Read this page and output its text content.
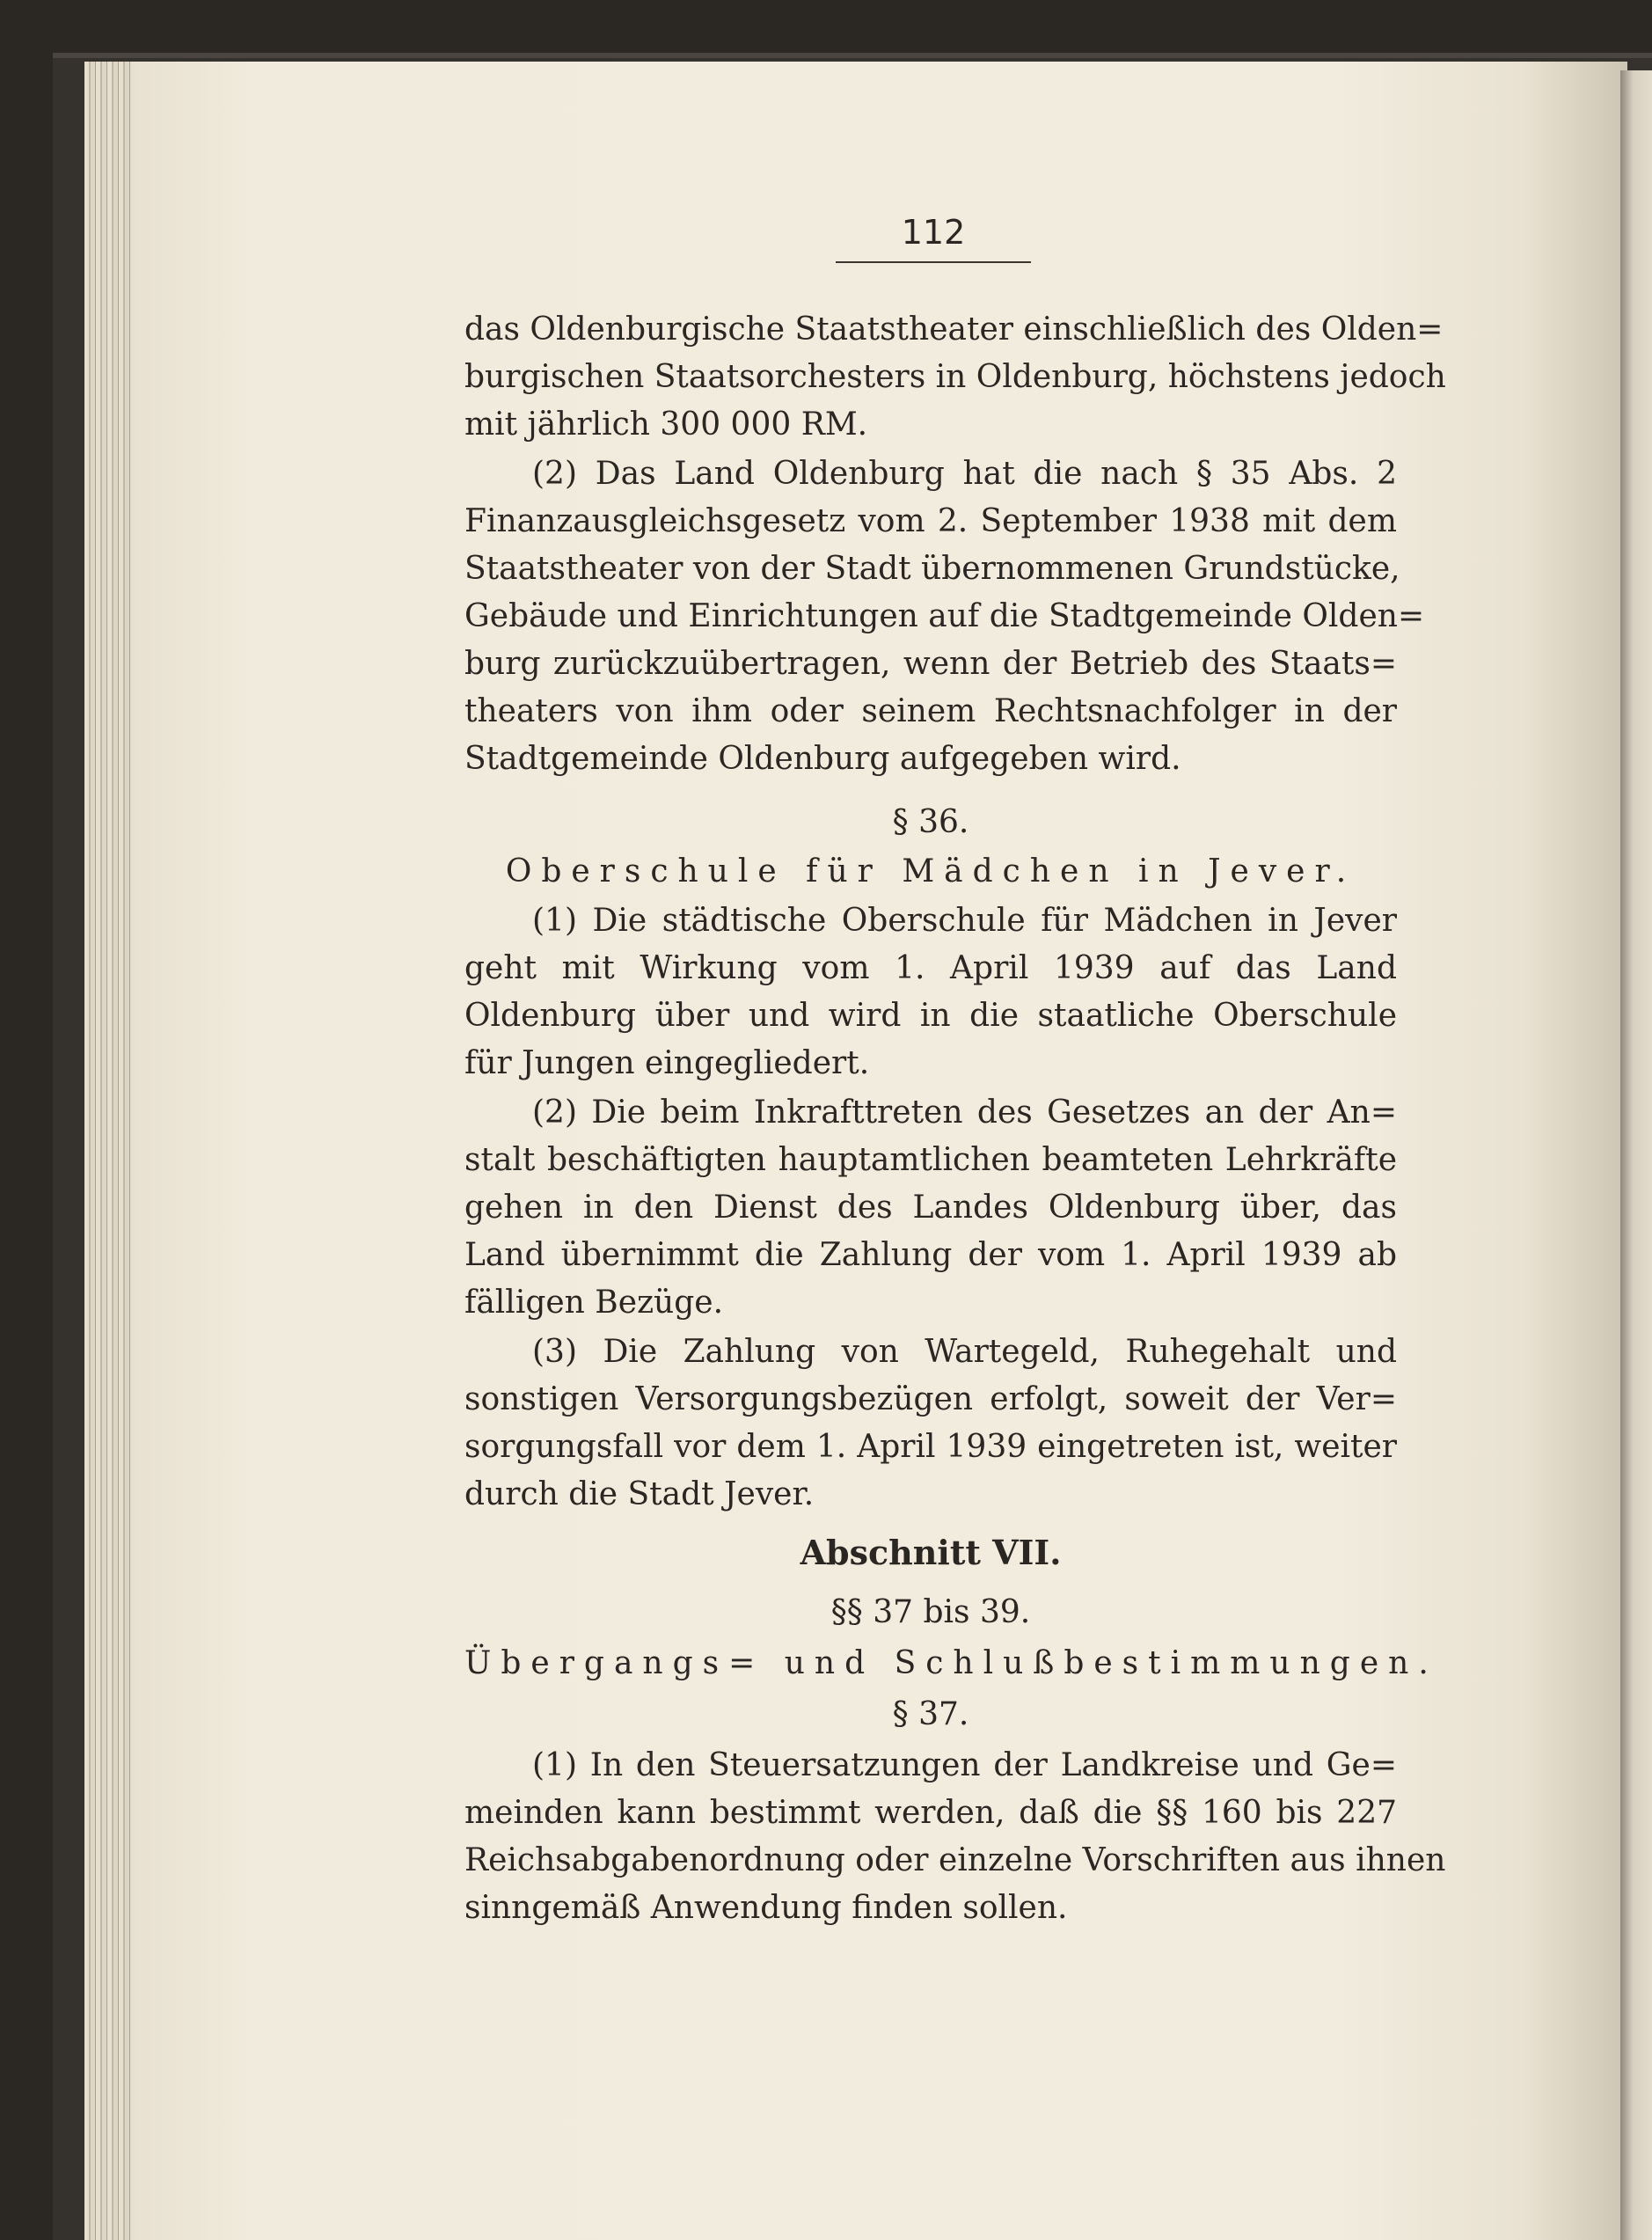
112
das Oldenburgische Staatstheater einschließlich des Olden=
burgischen Staatsorchesters in Oldenburg, höchstens jedoch
mit jährlich 300 000 RM.
(2) Das Land Oldenburg hat die nach § 35 Abs. 2
Finanzausgleichsgesetz vom 2. September 1938 mit dem
Staatstheater von der Stadt übernommenen Grundstücke,
Gebäude und Einrichtungen auf die Stadtgemeinde Olden=
burg zurückzuübertragen, wenn der Betrieb des Staats=
theaters von ihm oder seinem Rechtsnachfolger in der
Stadtgemeinde Oldenburg aufgegeben wird.
§ 36.
Oberschule für Mädchen in Jever.
(1) Die städtische Oberschule für Mädchen in Jever
geht mit Wirkung vom 1. April 1939 auf das Land
Oldenburg über und wird in die staatliche Oberschule
für Jungen eingegliedert.
(2) Die beim Inkrafttreten des Gesetzes an der An=
stalt beschäftigten hauptamtlichen beamteten Lehrkräfte
gehen in den Dienst des Landes Oldenburg über, das
Land übernimmt die Zahlung der vom 1. April 1939 ab
fälligen Bezüge.
(3) Die Zahlung von Wartegeld, Ruhegehalt und
sonstigen Versorgungsbezügen erfolgt, soweit der Ver=
sorgungsfall vor dem 1. April 1939 eingetreten ist, weiter
durch die Stadt Jever.
Abschnitt VII.
§§ 37 bis 39.
Übergangs= und Schlußbestimmungen.
§ 37.
(1) In den Steuersatzungen der Landkreise und Ge=
meinden kann bestimmt werden, daß die §§ 160 bis 227
Reichsabgabenordnung oder einzelne Vorschriften aus ihnen
sinngemäß Anwendung finden sollen.
